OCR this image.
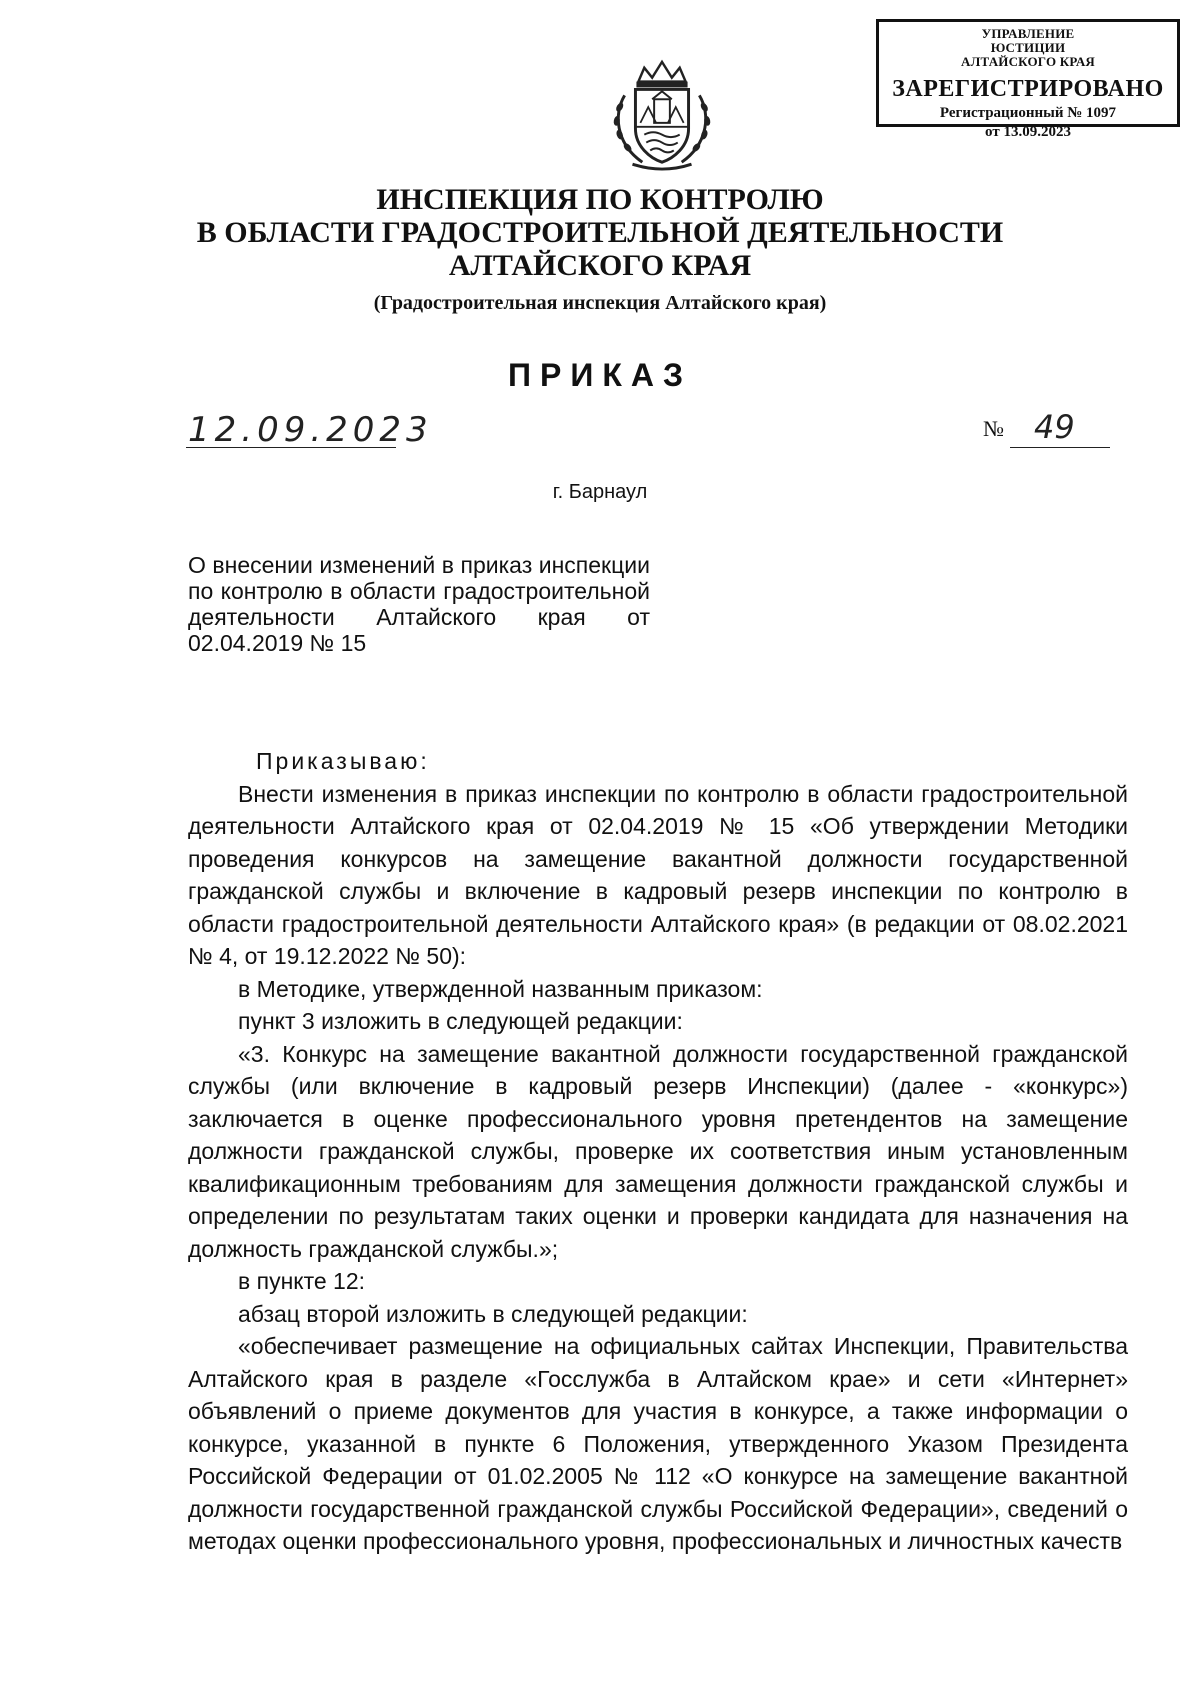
УПРАВЛЕНИЕ ЮСТИЦИИ АЛТАЙСКОГО КРАЯ
ЗАРЕГИСТРИРОВАНО
Регистрационный № 1097
от 13.09.2023
ИНСПЕКЦИЯ ПО КОНТРОЛЮ
В ОБЛАСТИ ГРАДОСТРОИТЕЛЬНОЙ ДЕЯТЕЛЬНОСТИ
АЛТАЙСКОГО КРАЯ
(Градостроительная инспекция Алтайского края)
ПРИКАЗ
12.09.2023	№ 49
г. Барнаул
О внесении изменений в приказ инспекции по контролю в области градостроительной деятельности Алтайского края от 02.04.2019 № 15

Приказываю:

Внести изменения в приказ инспекции по контролю в области градостроительной деятельности Алтайского края от 02.04.2019 № 15 «Об утверждении Методики проведения конкурсов на замещение вакантной должности государственной гражданской службы и включение в кадровый резерв инспекции по контролю в области градостроительной деятельности Алтайского края» (в редакции от 08.02.2021 № 4, от 19.12.2022 № 50):

в Методике, утвержденной названным приказом:

пункт 3 изложить в следующей редакции:

«3. Конкурс на замещение вакантной должности государственной гражданской службы (или включение в кадровый резерв Инспекции) (далее - «конкурс») заключается в оценке профессионального уровня претендентов на замещение должности гражданской службы, проверке их соответствия иным установленным квалификационным требованиям для замещения должности гражданской службы и определении по результатам таких оценки и проверки кандидата для назначения на должность гражданской службы.»;

в пункте 12:

абзац второй изложить в следующей редакции:

«обеспечивает размещение на официальных сайтах Инспекции, Правительства Алтайского края в разделе «Госслужба в Алтайском крае» и сети «Интернет» объявлений о приеме документов для участия в конкурсе, а также информации о конкурсе, указанной в пункте 6 Положения, утвержденного Указом Президента Российской Федерации от 01.02.2005 № 112 «О конкурсе на замещение вакантной должности государственной гражданской службы Российской Федерации», сведений о методах оценки профессионального уровня, профессиональных и личностных качеств
